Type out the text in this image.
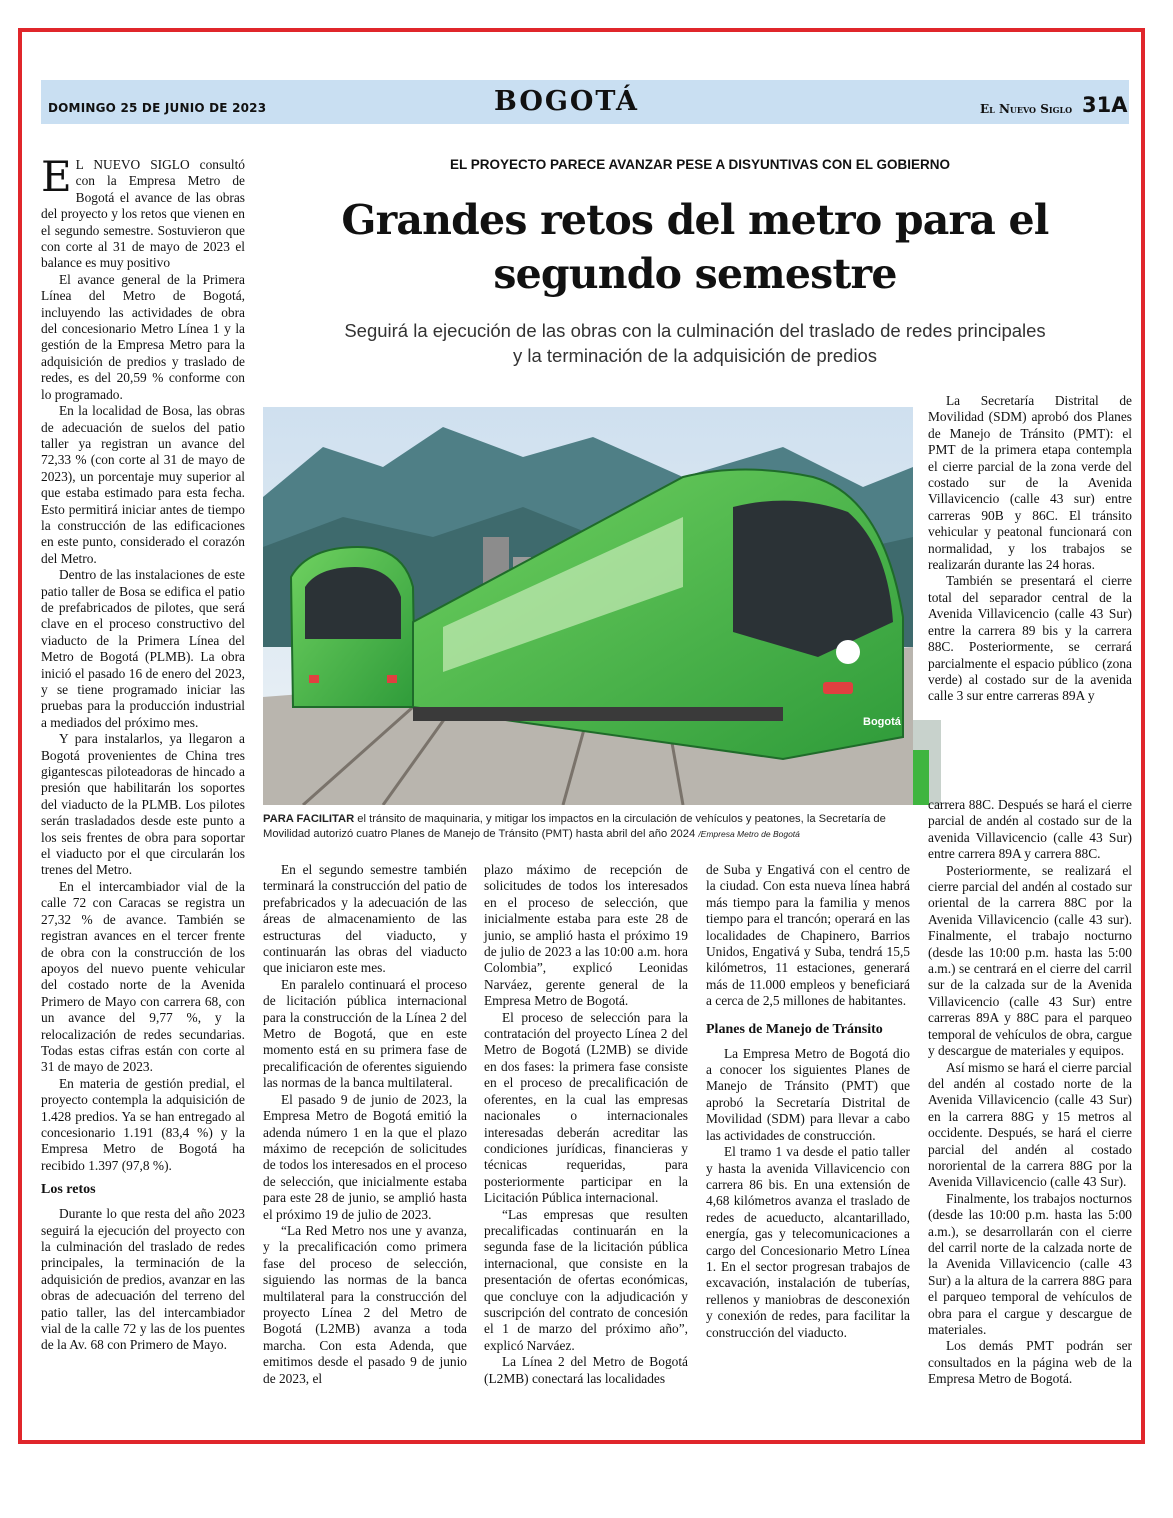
DOMINGO 25 DE JUNIO DE 2023	BOGOTÁ	El Nuevo Siglo 31A
EL PROYECTO PARECE AVANZAR PESE A DISYUNTIVAS CON EL GOBIERNO
Grandes retos del metro para el segundo semestre
Seguirá la ejecución de las obras con la culminación del traslado de redes principales y la terminación de la adquisición de predios

E L NUEVO SIGLO consultó con la Empresa Metro de Bogotá el avance de las obras del proyecto y los retos que vienen en el segundo semestre. Sostuvieron que con corte al 31 de mayo de 2023 el balance es muy positivo

El avance general de la Primera Línea del Metro de Bogotá, incluyendo las actividades de obra del concesionario Metro Línea 1 y la gestión de la Empresa Metro para la adquisición de predios y traslado de redes, es del 20,59 % conforme con lo programado.

En la localidad de Bosa, las obras de adecuación de suelos del patio taller ya registran un avance del 72,33 % (con corte al 31 de mayo de 2023), un porcentaje muy superior al que estaba estimado para esta fecha. Esto permitirá iniciar antes de tiempo la construcción de las edificaciones en este punto, considerado el corazón del Metro.

Dentro de las instalaciones de este patio taller de Bosa se edifica el patio de prefabricados de pilotes, que será clave en el proceso constructivo del viaducto de la Primera Línea del Metro de Bogotá (PLMB). La obra inició el pasado 16 de enero del 2023, y se tiene programado iniciar las pruebas para la producción industrial a mediados del próximo mes.

Y para instalarlos, ya llegaron a Bogotá provenientes de China tres gigantescas piloteadoras de hincado a presión que habilitarán los soportes del viaducto de la PLMB. Los pilotes serán trasladados desde este punto a los seis frentes de obra para soportar el viaducto por el que circularán los trenes del Metro.

En el intercambiador vial de la calle 72 con Caracas se registra un 27,32 % de avance. También se registran avances en el tercer frente de obra con la construcción de los apoyos del nuevo puente vehicular del costado norte de la Avenida Primero de Mayo con carrera 68, con un avance del 9,77 %, y la relocalización de redes secundarias. Todas estas cifras están con corte al 31 de mayo de 2023.

En materia de gestión predial, el proyecto contempla la adquisición de 1.428 predios. Ya se han entregado al concesionario 1.191 (83,4 %) y la Empresa Metro de Bogotá ha recibido 1.397 (97,8 %).

Los retos

Durante lo que resta del año 2023 seguirá la ejecución del proyecto con la culminación del traslado de redes principales, la terminación de la adquisición de predios, avanzar en las obras de adecuación del terreno del patio taller, las del intercambiador vial de la calle 72 y las de los puentes de la Av. 68 con Primero de Mayo.

Bogotá
PARA FACILITAR el tránsito de maquinaria, y mitigar los impactos en la circulación de vehículos y peatones, la Secretaría de Movilidad autorizó cuatro Planes de Manejo de Tránsito (PMT) hasta abril del año 2024 /Empresa Metro de Bogotá

En el segundo semestre también terminará la construcción del patio de prefabricados y la adecuación de las áreas de almacenamiento de las estructuras del viaducto, y continuarán las obras del viaducto que iniciaron este mes.

En paralelo continuará el proceso de licitación pública internacional para la construcción de la Línea 2 del Metro de Bogotá, que en este momento está en su primera fase de precalificación de oferentes siguiendo las normas de la banca multilateral.

El pasado 9 de junio de 2023, la Empresa Metro de Bogotá emitió la adenda número 1 en la que el plazo máximo de recepción de solicitudes de todos los interesados en el proceso de selección, que inicialmente estaba para este 28 de junio, se amplió hasta el próximo 19 de julio de 2023.

“La Red Metro nos une y avanza, y la precalificación como primera fase del proceso de selección, siguiendo las normas de la banca multilateral para la construcción del proyecto Línea 2 del Metro de Bogotá (L2MB) avanza a toda marcha. Con esta Adenda, que emitimos desde el pasado 9 de junio de 2023, el

plazo máximo de recepción de solicitudes de todos los interesados en el proceso de selección, que inicialmente estaba para este 28 de junio, se amplió hasta el próximo 19 de julio de 2023 a las 10:00 a.m. hora Colombia”, explicó Leonidas Narváez, gerente general de la Empresa Metro de Bogotá.

El proceso de selección para la contratación del proyecto Línea 2 del Metro de Bogotá (L2MB) se divide en dos fases: la primera fase consiste en el proceso de precalificación de oferentes, en la cual las empresas nacionales o internacionales interesadas deberán acreditar las condiciones jurídicas, financieras y técnicas requeridas, para posteriormente participar en la Licitación Pública internacional.

“Las empresas que resulten precalificadas continuarán en la segunda fase de la licitación pública internacional, que consiste en la presentación de ofertas económicas, que concluye con la adjudicación y suscripción del contrato de concesión el 1 de marzo del próximo año”, explicó Narváez.

La Línea 2 del Metro de Bogotá (L2MB) conectará las localidades

de Suba y Engativá con el centro de la ciudad. Con esta nueva línea habrá más tiempo para la familia y menos tiempo para el trancón; operará en las localidades de Chapinero, Barrios Unidos, Engativá y Suba, tendrá 15,5 kilómetros, 11 estaciones, generará más de 11.000 empleos y beneficiará a cerca de 2,5 millones de habitantes.

Planes de Manejo de Tránsito

La Empresa Metro de Bogotá dio a conocer los siguientes Planes de Manejo de Tránsito (PMT) que aprobó la Secretaría Distrital de Movilidad (SDM) para llevar a cabo las actividades de construcción.

El tramo 1 va desde el patio taller y hasta la avenida Villavicencio con carrera 86 bis. En una extensión de 4,68 kilómetros avanza el traslado de redes de acueducto, alcantarillado, energía, gas y telecomunicaciones a cargo del Concesionario Metro Línea 1. En el sector progresan trabajos de excavación, instalación de tuberías, rellenos y maniobras de desconexión y conexión de redes, para facilitar la construcción del viaducto.

La Secretaría Distrital de Movilidad (SDM) aprobó dos Planes de Manejo de Tránsito (PMT): el PMT de la primera etapa contempla el cierre parcial de la zona verde del costado sur de la Avenida Villavicencio (calle 43 sur) entre carreras 90B y 86C. El tránsito vehicular y peatonal funcionará con normalidad, y los trabajos se realizarán durante las 24 horas.

También se presentará el cierre total del separador central de la Avenida Villavicencio (calle 43 Sur) entre la carrera 89 bis y la carrera 88C. Posteriormente, se cerrará parcialmente el espacio público (zona verde) al costado sur de la avenida calle 3 sur entre carreras 89A y

carrera 88C. Después se hará el cierre parcial de andén al costado sur de la avenida Villavicencio (calle 43 Sur) entre carrera 89A y carrera 88C.

Posteriormente, se realizará el cierre parcial del andén al costado sur oriental de la carrera 88C por la Avenida Villavicencio (calle 43 sur). Finalmente, el trabajo nocturno (desde las 10:00 p.m. hasta las 5:00 a.m.) se centrará en el cierre del carril sur de la calzada sur de la Avenida Villavicencio (calle 43 Sur) entre carreras 89A y 88C para el parqueo temporal de vehículos de obra, cargue y descargue de materiales y equipos.

Así mismo se hará el cierre parcial del andén al costado norte de la Avenida Villavicencio (calle 43 Sur) en la carrera 88G y 15 metros al occidente. Después, se hará el cierre parcial del andén al costado nororiental de la carrera 88G por la Avenida Villavicencio (calle 43 Sur).

Finalmente, los trabajos nocturnos (desde las 10:00 p.m. hasta las 5:00 a.m.), se desarrollarán con el cierre del carril norte de la calzada norte de la Avenida Villavicencio (calle 43 Sur) a la altura de la carrera 88G para el parqueo temporal de vehículos de obra para el cargue y descargue de materiales.

Los demás PMT podrán ser consultados en la página web de la Empresa Metro de Bogotá.
